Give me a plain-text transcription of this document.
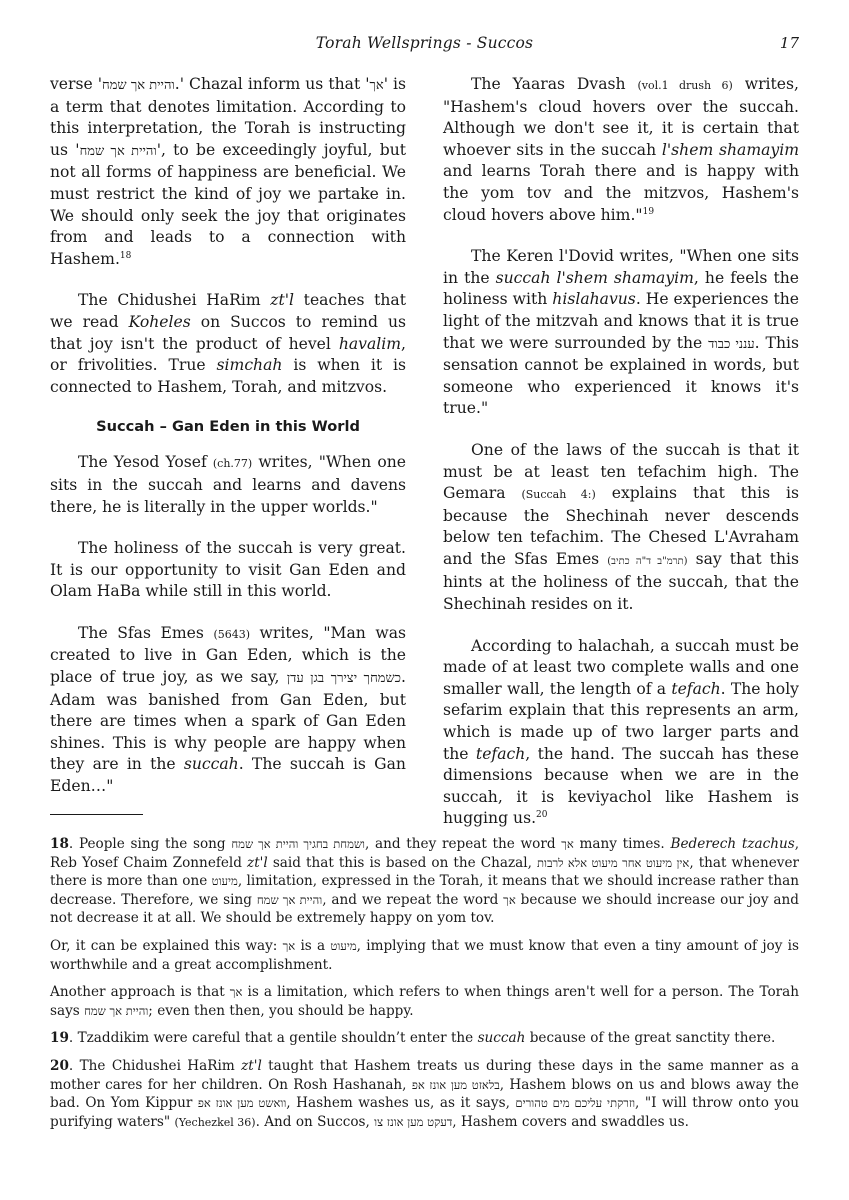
Torah Wellsprings - Succos	17

verse 'והיית אך שמח.' Chazal inform us that 'אך' is a term that denotes limitation. According to this interpretation, the Torah is instructing us 'והיית אך שמח', to be exceedingly joyful, but not all forms of happiness are beneficial. We must restrict the kind of joy we partake in. We should only seek the joy that originates from and leads to a connection with Hashem.$^{18}$

The Chidushei HaRim zt'l teaches that we read Koheles on Succos to remind us that joy isn't the product of hevel havalim, or frivolities. True simchah is when it is connected to Hashem, Torah, and mitzvos.

Succah – Gan Eden in this World

The Yesod Yosef (ch.77) writes, "When one sits in the succah and learns and davens there, he is literally in the upper worlds."

The holiness of the succah is very great. It is our opportunity to visit Gan Eden and Olam HaBa while still in this world.

The Sfas Emes (5643) writes, "Man was created to live in Gan Eden, which is the place of true joy, as we say, כשמחך יצירך בגן עדן. Adam was banished from Gan Eden, but there are times when a spark of Gan Eden shines. This is why people are happy when they are in the succah. The succah is Gan Eden…"

The Yaaras Dvash (vol.1 drush 6) writes, "Hashem's cloud hovers over the succah. Although we don't see it, it is certain that whoever sits in the succah l'shem shamayim and learns Torah there and is happy with the yom tov and the mitzvos, Hashem's cloud hovers above him."$^{19}$

The Keren l'Dovid writes, "When one sits in the succah l'shem shamayim, he feels the holiness with hislahavus. He experiences the light of the mitzvah and knows that it is true that we were surrounded by the ענני כבוד. This sensation cannot be explained in words, but someone who experienced it knows it's true."

One of the laws of the succah is that it must be at least ten tefachim high. The Gemara (Succah 4:) explains that this is because the Shechinah never descends below ten tefachim. The Chesed L'Avraham and the Sfas Emes (תרמ"ב ד"ה כתיב) say that this hints at the holiness of the succah, that the Shechinah resides on it.

According to halachah, a succah must be made of at least two complete walls and one smaller wall, the length of a tefach. The holy sefarim explain that this represents an arm, which is made up of two larger parts and the tefach, the hand. The succah has these dimensions because when we are in the succah, it is keviyachol like Hashem is hugging us.$^{20}$

18. People sing the song ושמחת בחגיך והיית אך שמח, and they repeat the word אך many times. Bederech tzachus, Reb Yosef Chaim Zonnefeld zt'l said that this is based on the Chazal, אין מיעוט אחר מיעוט אלא לרבות, that whenever there is more than one מיעוט, limitation, expressed in the Torah, it means that we should increase rather than decrease. Therefore, we sing והיית אך שמח, and we repeat the word אך because we should increase our joy and not decrease it at all. We should be extremely happy on yom tov.

Or, it can be explained this way: אך is a מיעוט, implying that we must know that even a tiny amount of joy is worthwhile and a great accomplishment.

Another approach is that אך is a limitation, which refers to when things aren't well for a person. The Torah says והיית אך שמח; even then then, you should be happy.

19. Tzaddikim were careful that a gentile shouldn’t enter the succah because of the great sanctity there.

20. The Chidushei HaRim zt'l taught that Hashem treats us during these days in the same manner as a mother cares for her children. On Rosh Hashanah, בלאזט מען אונז אפ, Hashem blows on us and blows away the bad. On Yom Kippur וואשט מען אונז אפ, Hashem washes us, as it says, וזרקתי עליכם מים טהורים, "I will throw onto you purifying waters" (Yechezkel 36). And on Succos, דעקט מען אונז צו, Hashem covers and swaddles us.
